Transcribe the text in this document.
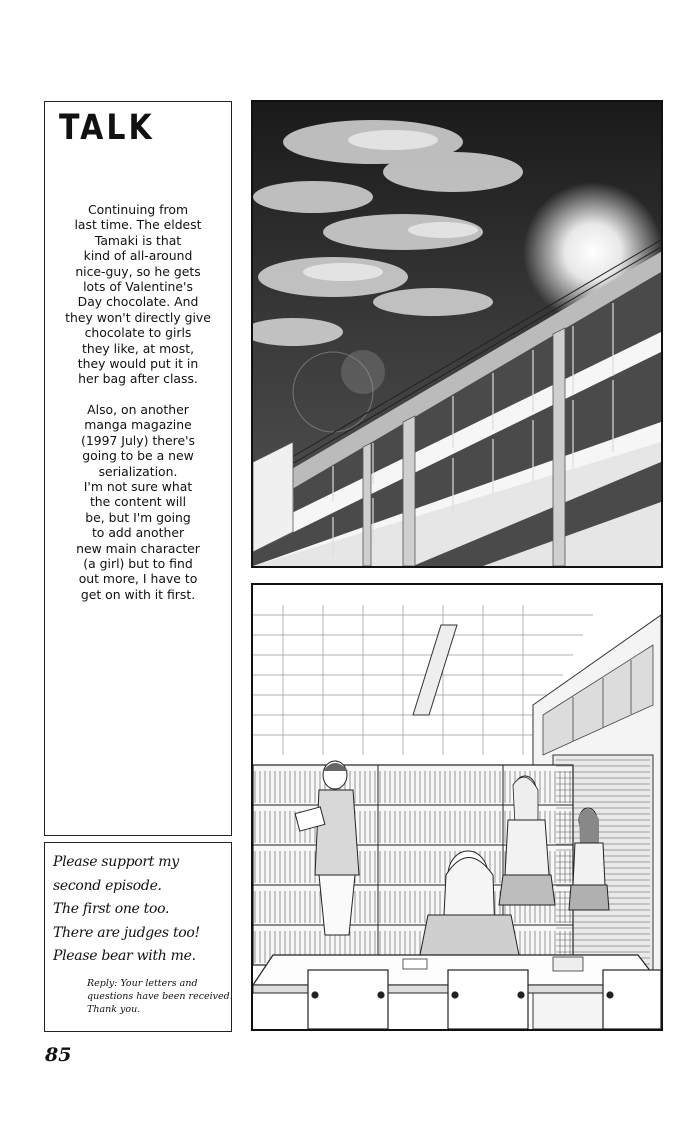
TALK

Continuing from
last time. The eldest
Tamaki is that
kind of all-around
nice-guy, so he gets
lots of Valentine's
Day chocolate. And
they won't directly give
chocolate to girls
they like, at most,
they would put it in
her bag after class.

Also, on another
manga magazine
(1997 July) there's
going to be a new
serialization.
I'm not sure what
the content will
be, but I'm going
to add another
new main character
(a girl) but to find
out more, I have to
get on with it first.

Please support my
second episode.
The first one too.
There are judges too!
Please bear with me.
Reply: Your letters and
questions have been received.
Thank you.
85
